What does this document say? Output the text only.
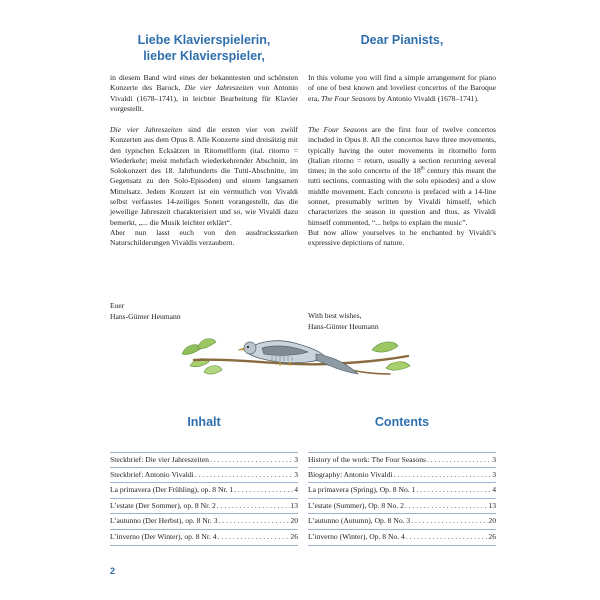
Liebe Klavierspielerin,

lieber Klavierspieler,

Dear Pianists,

in diesem Band wird eines der bekanntesten und schönsten Konzerte des Barock, Die vier Jahreszeiten von Antonio Vivaldi (1678–1741), in leichter Bearbeitung für Klavier vorgestellt.

In this volume you will find a simple arrangement for piano of one of best known and loveliest concertos of the Baroque era, The Four Seasons by Antonio Vivaldi (1678–1741).

Die vier Jahreszeiten sind die ersten vier von zwölf Konzerten aus dem Opus 8. Alle Konzerte sind dreisätzig mit den typischen Ecksätzen in Ritornellform (ital. ritorno = Wiederkehr; meist mehrfach wiederkehrender Abschnitt, im Solokonzert des 18. Jahrhunderts die Tutti-Abschnitte, im Gegensatz zu den Solo-Episoden) und einem langsamen Mittelsatz. Jedem Konzert ist ein vermutlich von Vivaldi selbst verfasstes 14-zeiliges Sonett vorangestellt, das die jeweilige Jahreszeit charakterisiert und so, wie Vivaldi dazu bemerkt, „... die Musik leichter erklärt“.

Aber nun lasst euch von den ausdrucksstarken Naturschilderungen Vivaldis verzaubern.

The Four Seasons are the first four of twelve concertos included in Opus 8. All the concertos have three movements, typically having the outer movements in ritornello form (Italian ritorno = return, usually a section recurring several times; in the solo concerto of the 18th century this meant the tutti sections, contrasting with the solo episodes) and a slow middle movement. Each concerto is prefaced with a 14-line sonnet, presumably written by Vivaldi himself, which characterizes the season in question and thus, as Vivaldi himself commented, “... helps to explain the music”.

But now allow yourselves to be enchanted by Vivaldi’s expressive depictions of nature.

Euer

Hans-Günter Heumann	With best wishes,

Hans-Günter Heumann

Inhalt	Contents

Steckbrief: Die vier Jahreszeiten . . .	3
Steckbrief: Antonio Vivaldi . . .	3
La primavera (Der Frühling), op. 8 Nr. 1 . . .	4
L’estate (Der Sommer), op. 8 Nr. 2 . . .	13
L’autunno (Der Herbst), op. 8 Nr. 3 . . .	20
L’inverno (Der Winter), op. 8 Nr. 4 . . .	26
History of the work: The Four Seasons . . .	3
Biography: Antonio Vivaldi . . .	3
La primavera (Spring), Op. 8 No. 1 . . .	4
L’estate (Summer), Op. 8 No. 2 . . .	13
L’autunno (Autumn), Op. 8 No. 3 . . .	20
L’inverno (Winter), Op. 8 No. 4 . . .	26
2
